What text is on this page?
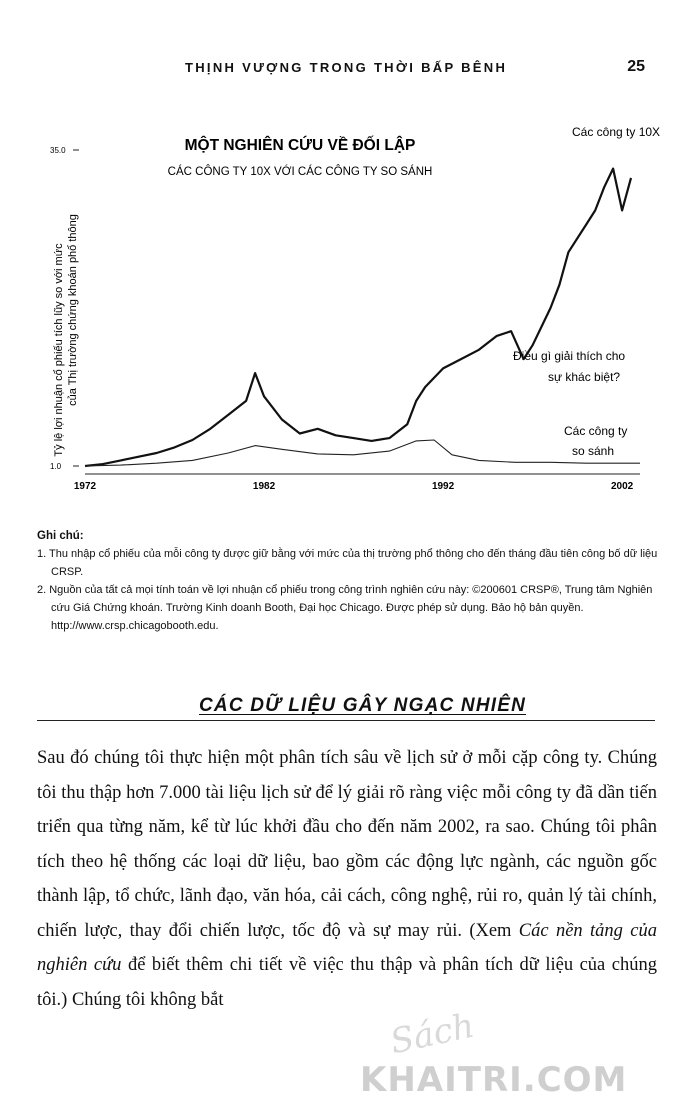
THỊNH VƯỢNG TRONG THỜI BẤP BÊNH	25
MỘT NGHIÊN CỨU VỀ ĐỐI LẬP
CÁC CÔNG TY 10X VỚI CÁC CÔNG TY SO SÁNH
Tỷ lệ lợi nhuận cổ phiếu tích lũy so với mức của Thị trường chứng khoán phổ thông
Các công ty 10X
Điều gì giải thích cho
sự khác biệt?
Các công ty
so sánh
35.0
1.0
1972	1982	1992	2002
Ghi chú:
1. Thu nhập cổ phiếu của mỗi công ty được giữ bằng với mức của thị trường phổ thông cho đến tháng đầu tiên công bố dữ liệu CRSP.
2. Nguồn của tất cả mọi tính toán về lợi nhuận cổ phiếu trong công trình nghiên cứu này: ©200601 CRSP®, Trung tâm Nghiên cứu Giá Chứng khoán. Trường Kinh doanh Booth, Đại học Chicago. Được phép sử dụng. Bảo hộ bản quyền. http://www.crsp.chicagobooth.edu.
CÁC DỮ LIỆU GÂY NGẠC NHIÊN
Sau đó chúng tôi thực hiện một phân tích sâu về lịch sử ở mỗi cặp công ty. Chúng tôi thu thập hơn 7.000 tài liệu lịch sử để lý giải rõ ràng việc mỗi công ty đã dần tiến triển qua từng năm, kể từ lúc khởi đầu cho đến năm 2002, ra sao. Chúng tôi phân tích theo hệ thống các loại dữ liệu, bao gồm các động lực ngành, các nguồn gốc thành lập, tổ chức, lãnh đạo, văn hóa, cải cách, công nghệ, rủi ro, quản lý tài chính, chiến lược, thay đổi chiến lược, tốc độ và sự may rủi. (Xem Các nền tảng của nghiên cứu để biết thêm chi tiết về việc thu thập và phân tích dữ liệu của chúng tôi.) Chúng tôi không bắt
Sách
KHAITRI.COM
